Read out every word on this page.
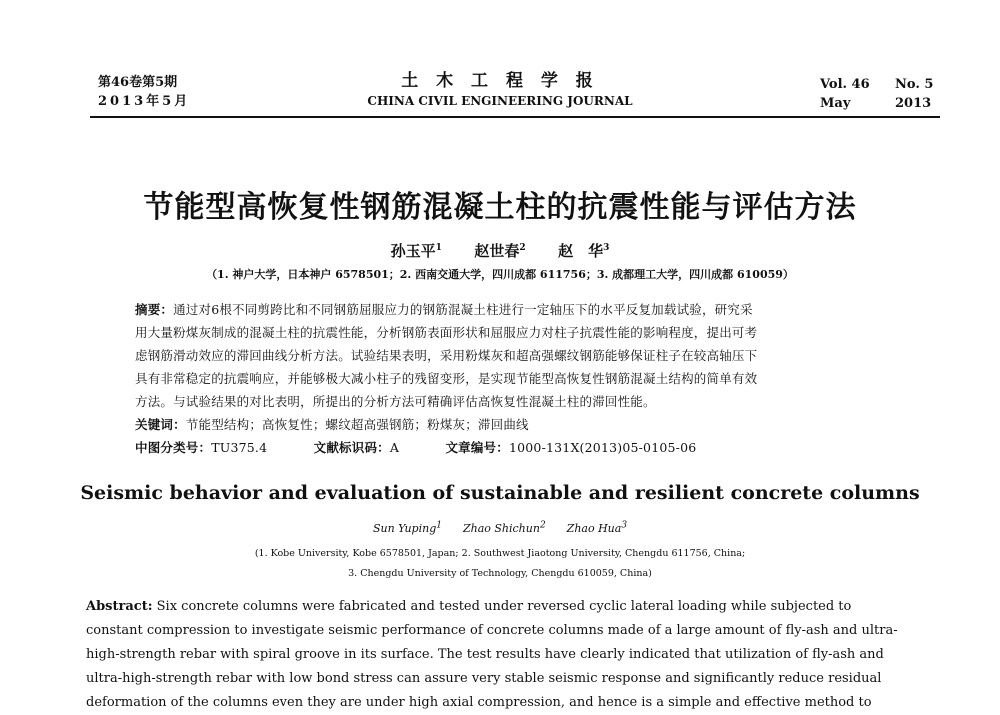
第46卷第5期
2013年5月
土 木 工 程 学 报
CHINA CIVIL ENGINEERING JOURNAL
Vol. 46 No. 5
May	2013
节能型高恢复性钢筋混凝土柱的抗震性能与评估方法
孙玉平$^1$ 赵世春$^2$ 赵　华$^3$
（1. 神户大学，日本神户 6578501；2. 西南交通大学，四川成都 611756；3. 成都理工大学，四川成都 610059）
摘要：通过对6根不同剪跨比和不同钢筋屈服应力的钢筋混凝土柱进行一定轴压下的水平反复加载试验，研究采
用大量粉煤灰制成的混凝土柱的抗震性能，分析钢筋表面形状和屈服应力对柱子抗震性能的影响程度，提出可考
虑钢筋滑动效应的滞回曲线分析方法。试验结果表明，采用粉煤灰和超高强螺纹钢筋能够保证柱子在较高轴压下
具有非常稳定的抗震响应，并能够极大减小柱子的残留变形，是实现节能型高恢复性钢筋混凝土结构的简单有效
方法。与试验结果的对比表明，所提出的分析方法可精确评估高恢复性混凝土柱的滞回性能。
关键词：节能型结构；高恢复性；螺纹超高强钢筋；粉煤灰；滞回曲线
中图分类号：TU375.4	文献标识码：A	文章编号：1000-131X(2013)05-0105-06
Seismic behavior and evaluation of sustainable and resilient concrete columns
Sun Yuping$^1$ Zhao Shichun$^2$ Zhao Hua$^3$
(1. Kobe University, Kobe 6578501, Japan; 2. Southwest Jiaotong University, Chengdu 611756, China;
3. Chengdu University of Technology, Chengdu 610059, China)
Abstract: Six concrete columns were fabricated and tested under reversed cyclic lateral loading while subjected to
constant compression to investigate seismic performance of concrete columns made of a large amount of fly-ash and ultra-
high-strength rebar with spiral groove in its surface. The test results have clearly indicated that utilization of fly-ash and
ultra-high-strength rebar with low bond stress can assure very stable seismic response and significantly reduce residual
deformation of the columns even they are under high axial compression, and hence is a simple and effective method to
